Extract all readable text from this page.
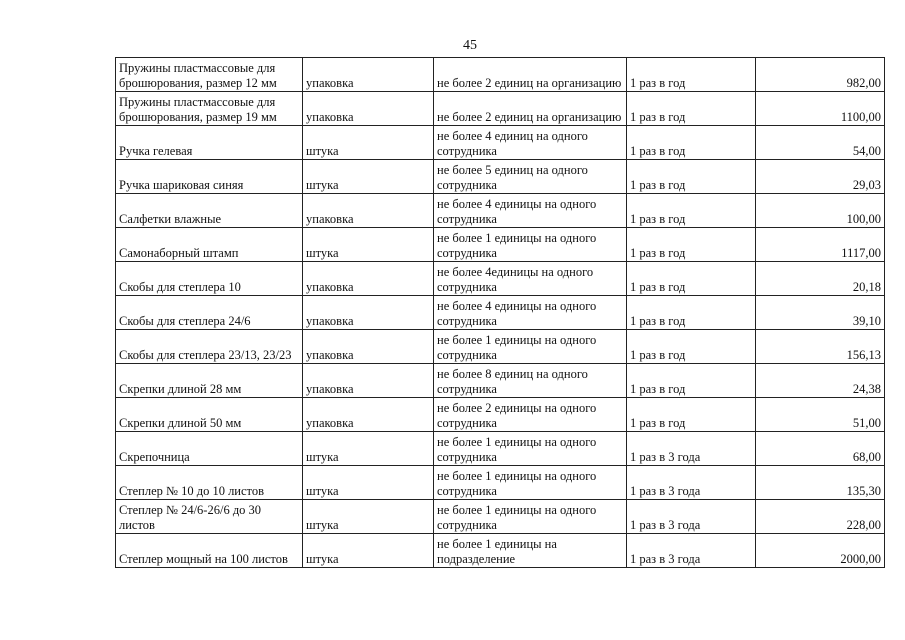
45
Пружины пластмассовые для брошюрования, размер 12 мм	упаковка	не более 2 единиц на организацию	1 раз в год	982,00
Пружины пластмассовые для брошюрования, размер 19 мм	упаковка	не более 2 единиц на организацию	1 раз в год	1100,00
Ручка гелевая	штука	не более 4 единиц на одного сотрудника	1 раз в год	54,00
Ручка шариковая синяя	штука	не более 5 единиц на одного сотрудника	1 раз в год	29,03
Салфетки влажные	упаковка	не более 4 единицы на одного сотрудника	1 раз в год	100,00
Самонаборный штамп	штука	не более 1 единицы на одного сотрудника	1 раз в год	1117,00
Скобы для степлера 10	упаковка	не более 4единицы на одного сотрудника	1 раз в год	20,18
Скобы для степлера 24/6	упаковка	не более 4 единицы на одного сотрудника	1 раз в год	39,10
Скобы для степлера 23/13, 23/23	упаковка	не более 1 единицы на одного сотрудника	1 раз в год	156,13
Скрепки длиной 28 мм	упаковка	не более 8 единиц на одного сотрудника	1 раз в год	24,38
Скрепки длиной 50 мм	упаковка	не более 2 единицы на одного сотрудника	1 раз в год	51,00
Скрепочница	штука	не более 1 единицы на одного сотрудника	1 раз в 3 года	68,00
Степлер № 10 до 10 листов	штука	не более 1 единицы на одного сотрудника	1 раз в 3 года	135,30
Степлер № 24/6-26/6 до 30 листов	штука	не более 1 единицы на одного сотрудника	1 раз в 3 года	228,00
Степлер мощный на 100 листов	штука	не более 1 единицы на подразделение	1 раз в 3 года	2000,00
